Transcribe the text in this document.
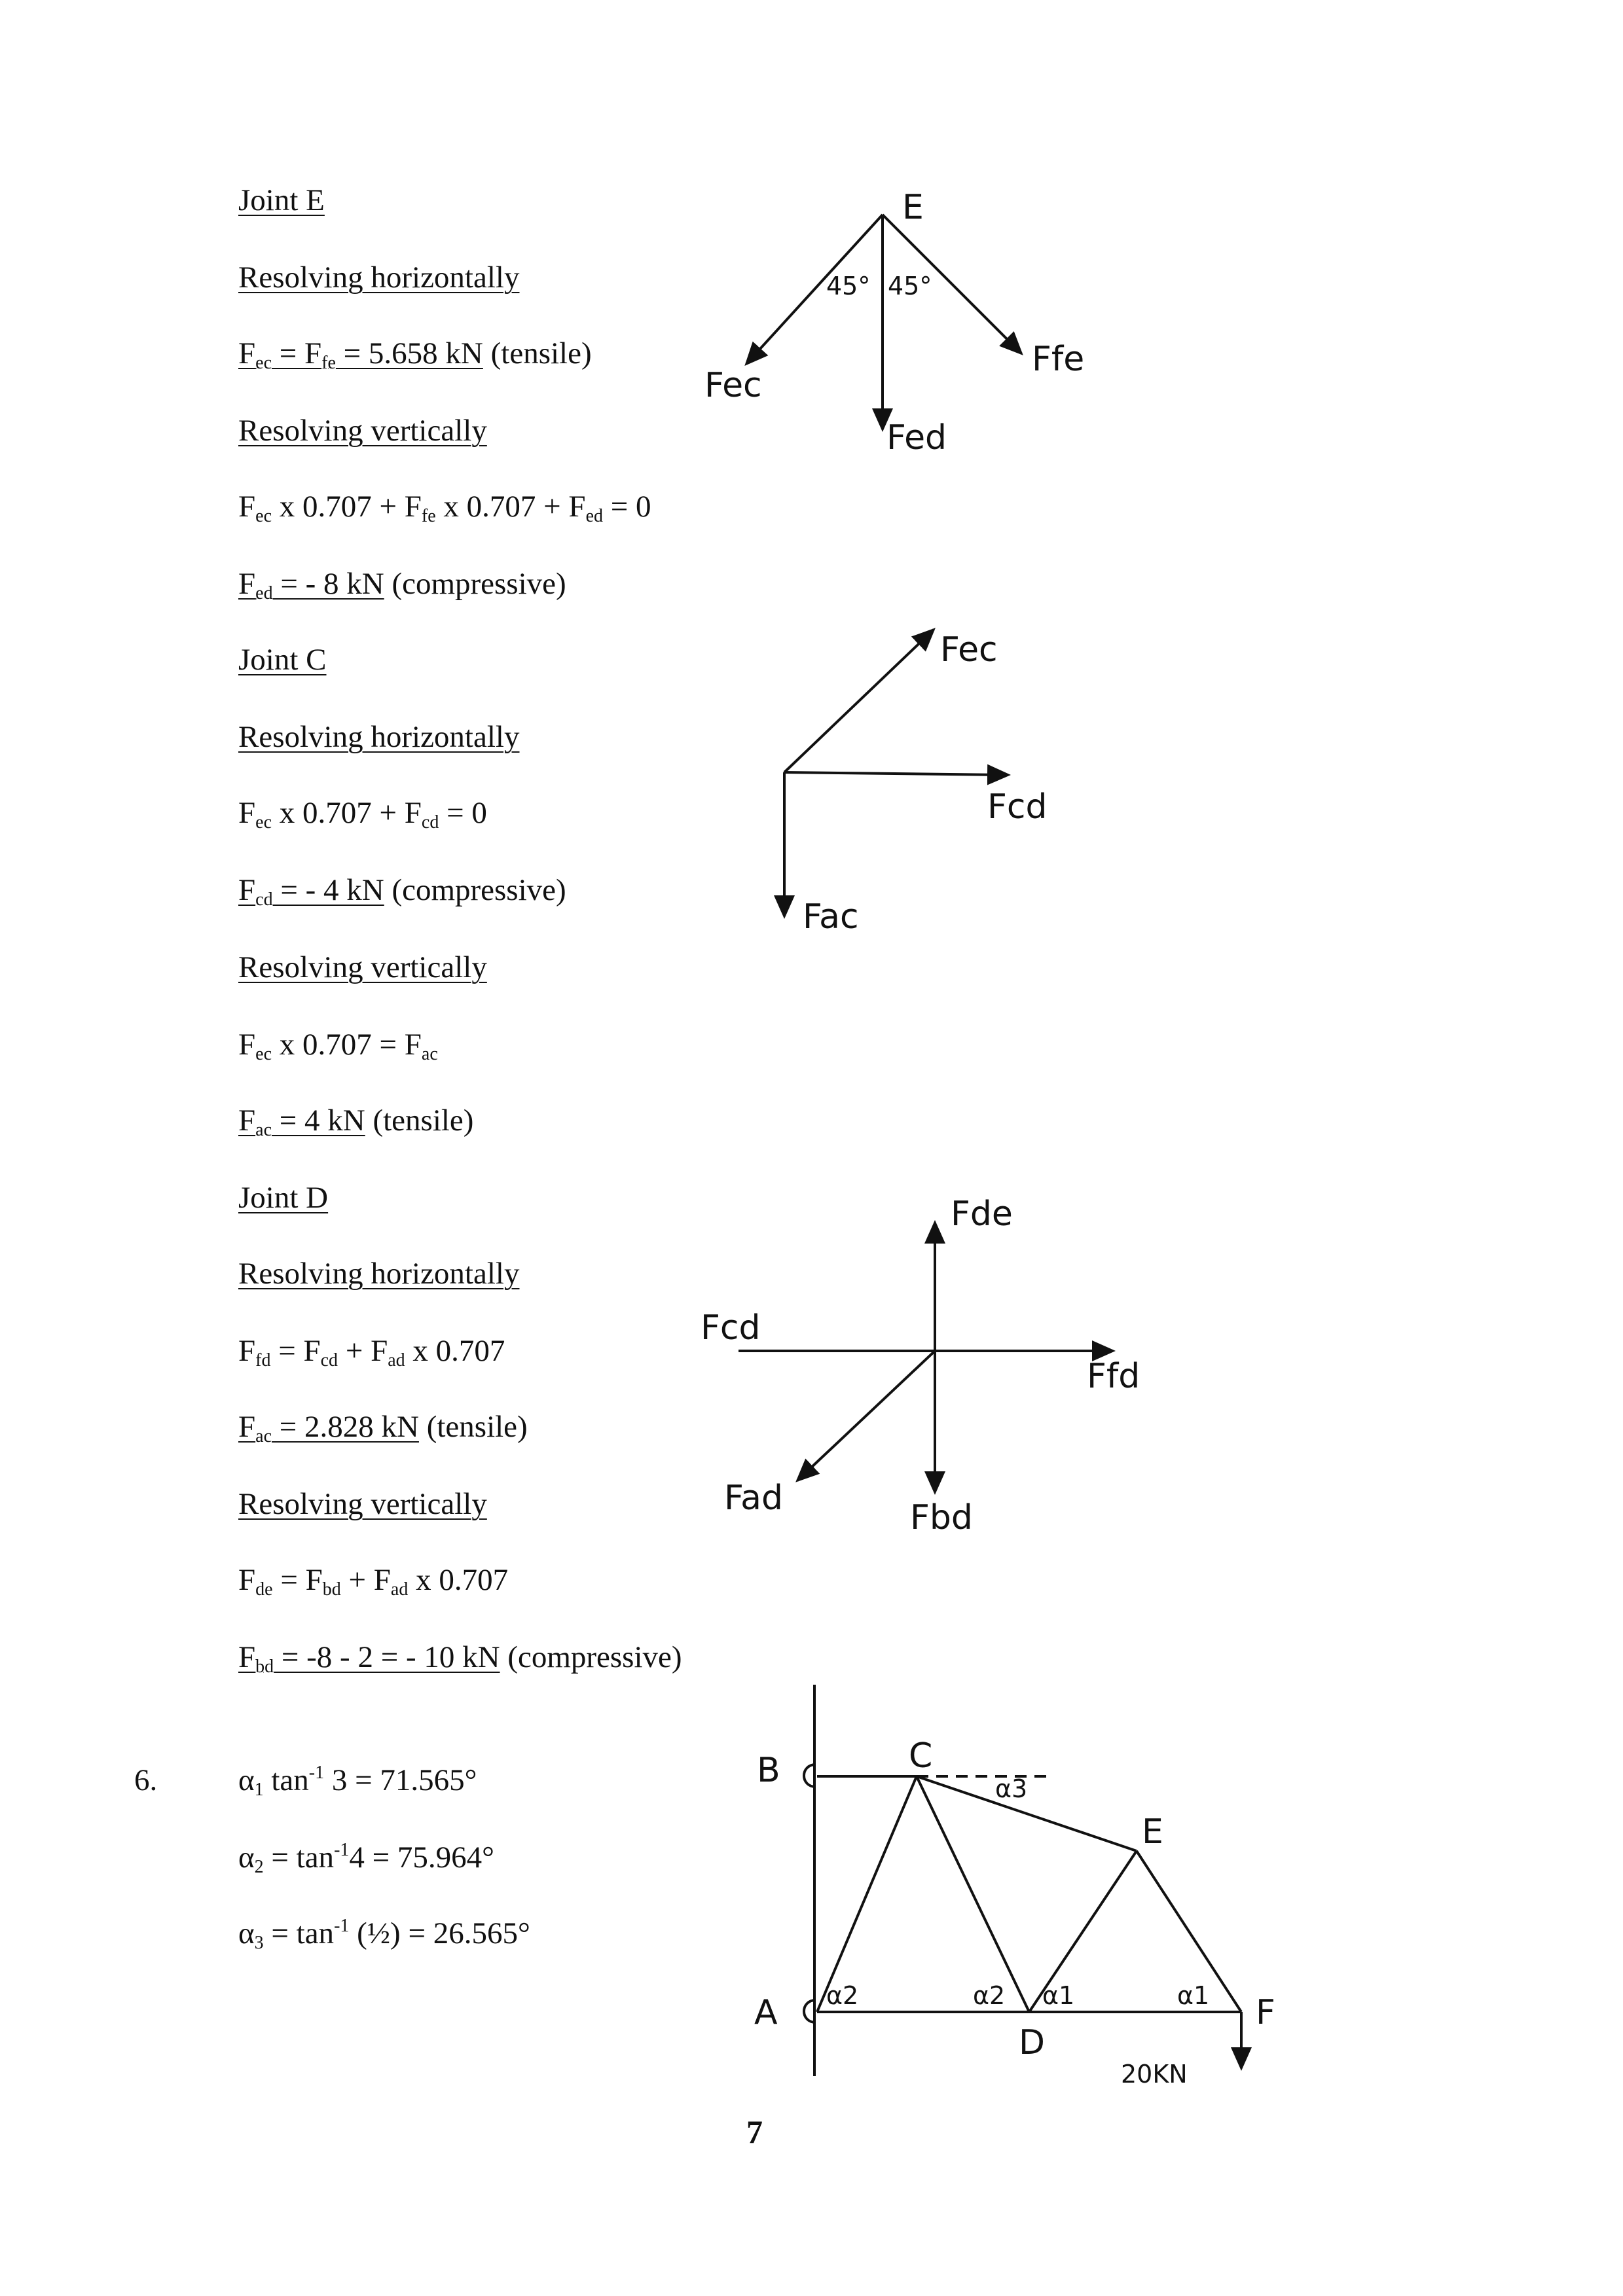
Joint E
Resolving horizontally
$F_{ec} = F_{fe} = 5.658$ kN (tensile)
Resolving vertically
$F_{ec}$ x $0.707 + F_{fe}$ x $0.707 + F_{ed} = 0$
$F_{ed}$ = - 8 kN (compressive)
Joint C
Resolving horizontally
$F_{ec}$ x $0.707 + F_{cd} = 0$
$F_{cd}$ = - 4 kN (compressive)
Resolving vertically
$F_{ec}$ x $0.707 = F_{ac}$
$F_{ac} = 4$ kN (tensile)
Joint D
Resolving horizontally
$F_{fd} = F_{cd} + F_{ad}$ x 0.707
$F_{ac} = 2.828$ kN (tensile)
Resolving vertically
$F_{de} = F_{bd} + F_{ad}$ x 0.707
$F_{bd} = -8 - 2$ = - 10 kN (compressive)
6.	$\alpha_1$ $\tan^{-1} 3 = 71.565^\circ$
$\alpha_2 = \tan^{-1}4 = 75.964^\circ$
$\alpha_3 = \tan^{-1}$ (½) = 26.565°
7
E
45° 45°
Ffe
Fec
Fed
Fec
Fcd
Fac
Fde
Fcd
Ffd
Fad	Fbd
B	C
E
A
D
F
α3
α2	α2 α1	α1
20KN
